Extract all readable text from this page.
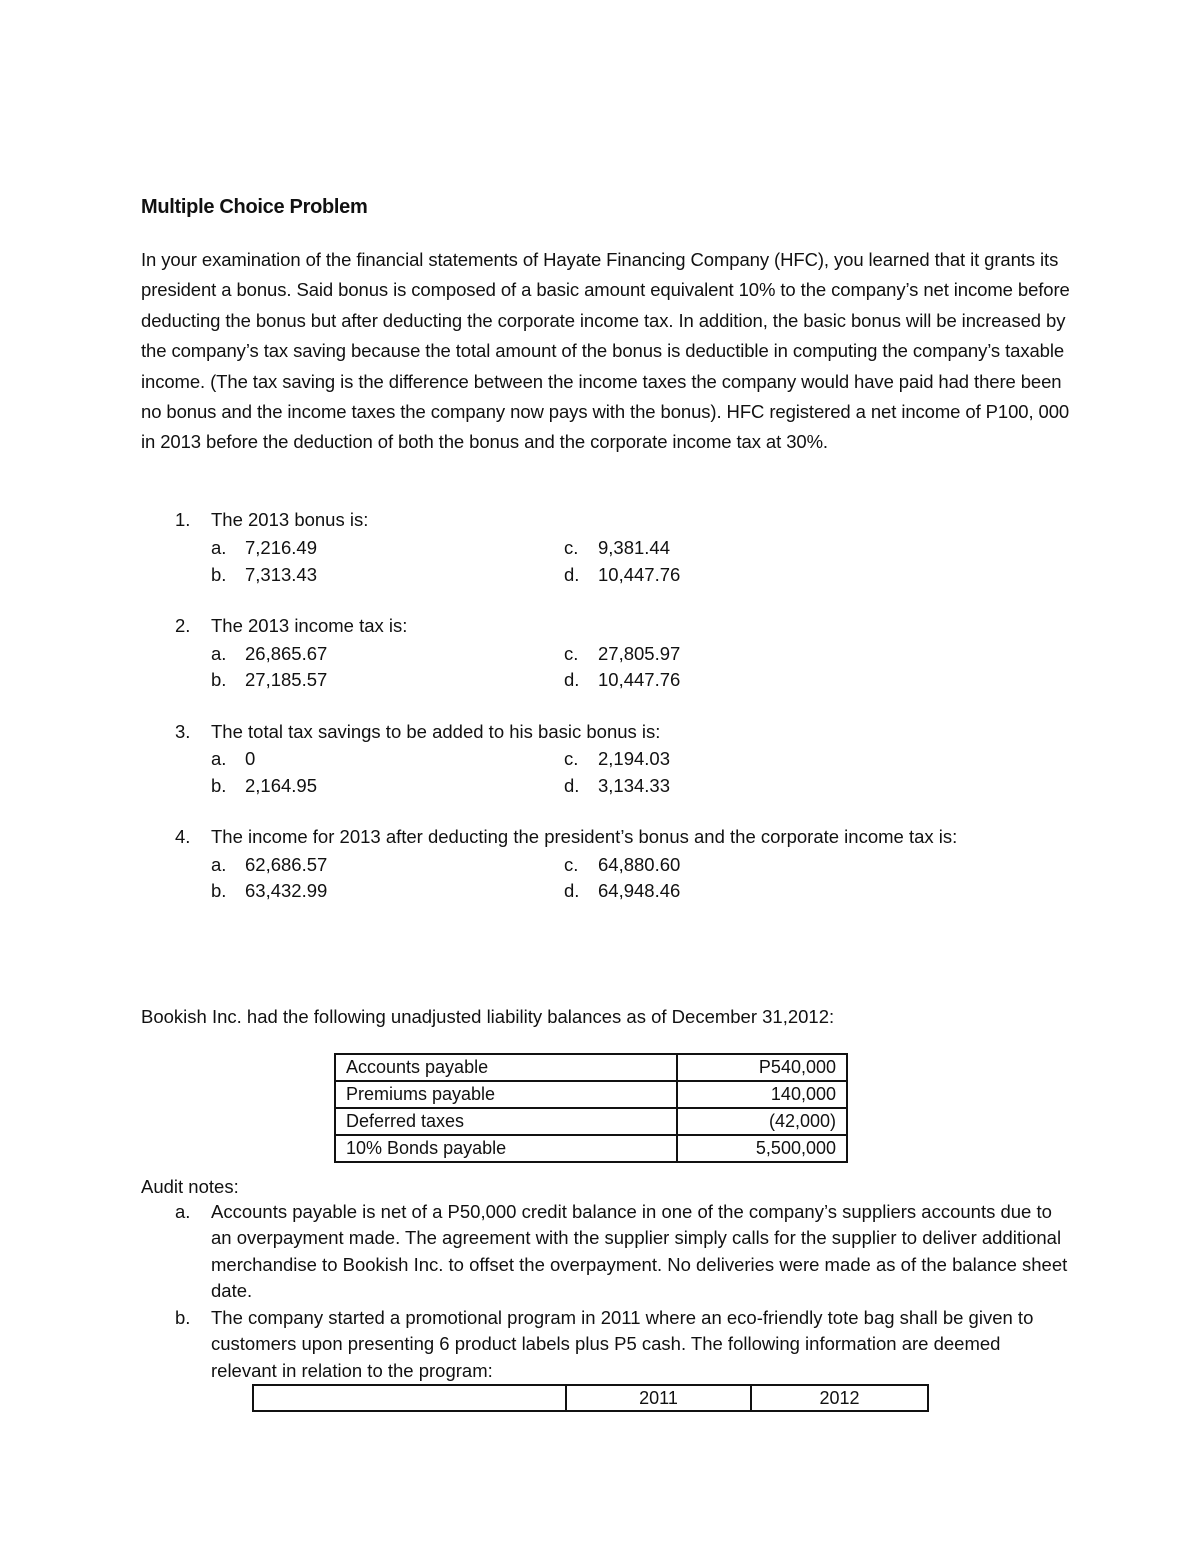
Multiple Choice Problem

In your examination of the financial statements of Hayate Financing Company (HFC), you learned that it grants its president a bonus. Said bonus is composed of a basic amount equivalent 10% to the company’s net income before deducting the bonus but after deducting the corporate income tax. In addition, the basic bonus will be increased by the company’s tax saving because the total amount of the bonus is deductible in computing the company’s taxable income. (The tax saving is the difference between the income taxes the company would have paid had there been no bonus and the income taxes the company now pays with the bonus). HFC registered a net income of P100, 000 in 2013 before the deduction of both the bonus and the corporate income tax at 30%.

1. The 2013 bonus is:
a. 7,216.49	c. 9,381.44
b. 7,313.43	d. 10,447.76
2. The 2013 income tax is:
a. 26,865.67	c. 27,805.97
b. 27,185.57	d. 10,447.76
3. The total tax savings to be added to his basic bonus is:
a. 0	c. 2,194.03
b. 2,164.95	d. 3,134.33
4. The income for 2013 after deducting the president’s bonus and the corporate income tax is:
a. 62,686.57	c. 64,880.60
b. 63,432.99	d. 64,948.46
Bookish Inc. had the following unadjusted liability balances as of December 31,2012:
Accounts payable	P540,000
Premiums payable	140,000
Deferred taxes	(42,000)
10% Bonds payable	5,500,000
Audit notes:
a. Accounts payable is net of a P50,000 credit balance in one of the company’s suppliers accounts due to an overpayment made. The agreement with the supplier simply calls for the supplier to deliver additional merchandise to Bookish Inc. to offset the overpayment. No deliveries were made as of the balance sheet date.
b. The company started a promotional program in 2011 where an eco-friendly tote bag shall be given to customers upon presenting 6 product labels plus P5 cash. The following information are deemed relevant in relation to the program:
	2011	2012
